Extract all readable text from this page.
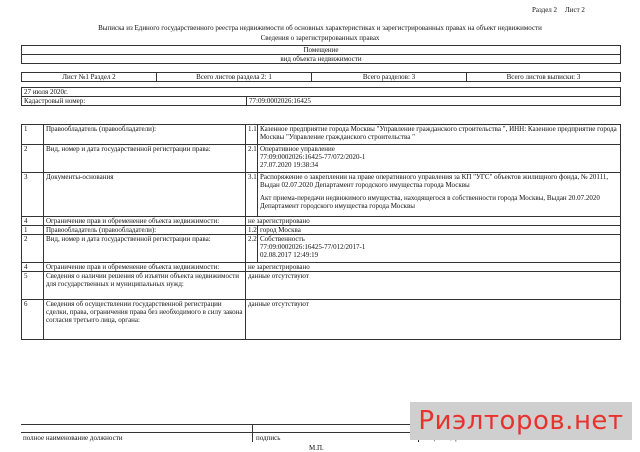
Раздел 2 Лист 2
Выписка из Единого государственного реестра недвижимости об основных характеристиках и зарегистрированных правах на объект недвижимости
Сведения о зарегистрированных правах
Помещение
вид объекта недвижимости
Лист №1 Раздел 2	Всего листов раздела 2: 1	Всего разделов: 3	Всего листов выписки: 3
27 июля 2020г.
Кадастровый номер:	77:09:0002026:16425
1	Правообладатель (правообладатели):	1.1	Казенное предприятие города Москвы "Управление гражданского строительства ", ИНН: Казенное предприятие города Москвы "Управление гражданского строительства "
2	Вид, номер и дата государственной регистрации права:	2.1	Оперативное управление
77:09:0002026:16425-77/072/2020-1
27.07.2020 19:38:34

3	Документы-основания	3.1	Распоряжение о закреплении на праве оперативного управления за КП "УГС" объектов жилищного фонда, № 20111, Выдан 02.07.2020 Департамент городского имущества города Москвы
Акт приема-передачи недвижимого имущества, находящегося в собственности города Москвы, Выдан 20.07.2020 Департамент городского имущества города Москвы

4	Ограничение прав и обременение объекта недвижимости:	не зарегистрировано	
1	Правообладатель (правообладатели):	1.2	город Москва
2	Вид, номер и дата государственной регистрации права:	2.2	Собственность
77:09:0002026:16425-77/012/2017-1
02.08.2017 12:49:19

4	Ограничение прав и обременение объекта недвижимости:	не зарегистрировано	
5	Сведения о наличии решения об изъятии объекта недвижимости для государственных и муниципальных нужд:	данные отсутствуют	
6	Сведения об осуществлении государственной регистрации сделки, права, ограничения права без необходимого в силу закона согласия третьего лица, органа:	данные отсутствуют	
полное наименование должности	подпись
М.П.
Риэлторов.нет
